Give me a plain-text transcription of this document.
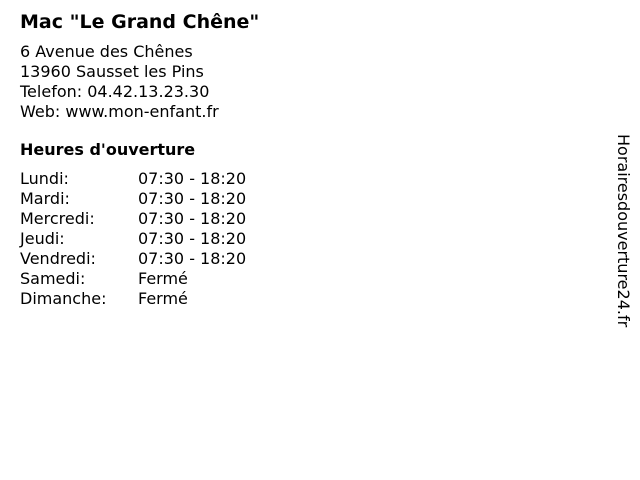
Mac "Le Grand Chêne"
6 Avenue des Chênes
13960 Sausset les Pins
Telefon: 04.42.13.23.30
Web: www.mon-enfant.fr
Heures d'ouverture
Lundi:	07:30 - 18:20
Mardi:	07:30 - 18:20
Mercredi:	07:30 - 18:20
Jeudi:	07:30 - 18:20
Vendredi:	07:30 - 18:20
Samedi:	Fermé
Dimanche:	Fermé	Horairesdouverture24.fr
